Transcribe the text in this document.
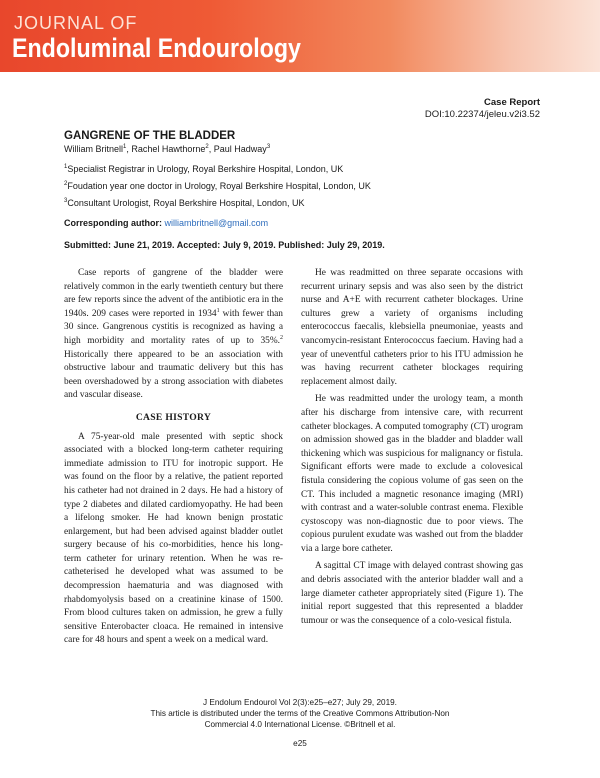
JOURNAL OF
Endoluminal Endourology
Case Report
DOI:10.22374/jeleu.v2i3.52
GANGRENE OF THE BLADDER
William Britnell$^1$, Rachel Hawthorne$^2$, Paul Hadway$^3$
$^1$Specialist Registrar in Urology, Royal Berkshire Hospital, London, UK
$^2$Foudation year one doctor in Urology, Royal Berkshire Hospital, London, UK
$^3$Consultant Urologist, Royal Berkshire Hospital, London, UK
Corresponding author: williambritnell@gmail.com
Submitted: June 21, 2019. Accepted: July 9, 2019. Published: July 29, 2019.

Case reports of gangrene of the bladder were relatively common in the early twentieth century but there are few reports since the advent of the antibiotic era in the 1940s. 209 cases were reported in 1934$^1$ with fewer than 30 since. Gangrenous cystitis is recognized as having a high morbidity and mortality rates of up to 35%.$^2$ Historically there appeared to be an association with obstructive labour and traumatic delivery but this has been overshadowed by a strong association with diabetes and vascular disease.

CASE HISTORY

A 75-year-old male presented with septic shock associated with a blocked long-term catheter requiring immediate admission to ITU for inotropic support. He was found on the floor by a relative, the patient reported his catheter had not drained in 2 days. He had a history of type 2 diabetes and dilated cardiomyopathy. He had been a lifelong smoker. He had known benign prostatic enlargement, but had been advised against bladder outlet surgery because of his co-morbidities, hence his long-term catheter for urinary retention. When he was re-catheterised he developed what was assumed to be decompression haematuria and was diagnosed with rhabdomyolysis based on a creatinine kinase of 1500. From blood cultures taken on admission, he grew a fully sensitive Enterobacter cloaca. He remained in intensive care for 48 hours and spent a week on a medical ward.

He was readmitted on three separate occasions with recurrent urinary sepsis and was also seen by the district nurse and A+E with recurrent catheter blockages. Urine cultures grew a variety of organisms including enterococcus faecalis, klebsiella pneumoniae, yeasts and vancomycin-resistant Enterococcus faecium. Having had a year of uneventful catheters prior to his ITU admission he was having recurrent catheter blockages requiring replacement almost daily.

He was readmitted under the urology team, a month after his discharge from intensive care, with recurrent catheter blockages. A computed tomography (CT) urogram on admission showed gas in the bladder and bladder wall thickening which was suspicious for malignancy or fistula. Significant efforts were made to exclude a colovesical fistula considering the copious volume of gas seen on the CT. This included a magnetic resonance imaging (MRI) with contrast and a water-soluble contrast enema. Flexible cystoscopy was non-diagnostic due to poor views. The copious purulent exudate was washed out from the bladder via a large bore catheter.

A sagittal CT image with delayed contrast showing gas and debris associated with the anterior bladder wall and a large diameter catheter appropriately sited (Figure 1). The initial report suggested that this represented a bladder tumour or was the consequence of a colo-vesical fistula.

J Endolum Endourol Vol 2(3):e25–e27; July 29, 2019.
This article is distributed under the terms of the Creative Commons Attribution-Non
Commercial 4.0 International License. ©Britnell et al.
e25
